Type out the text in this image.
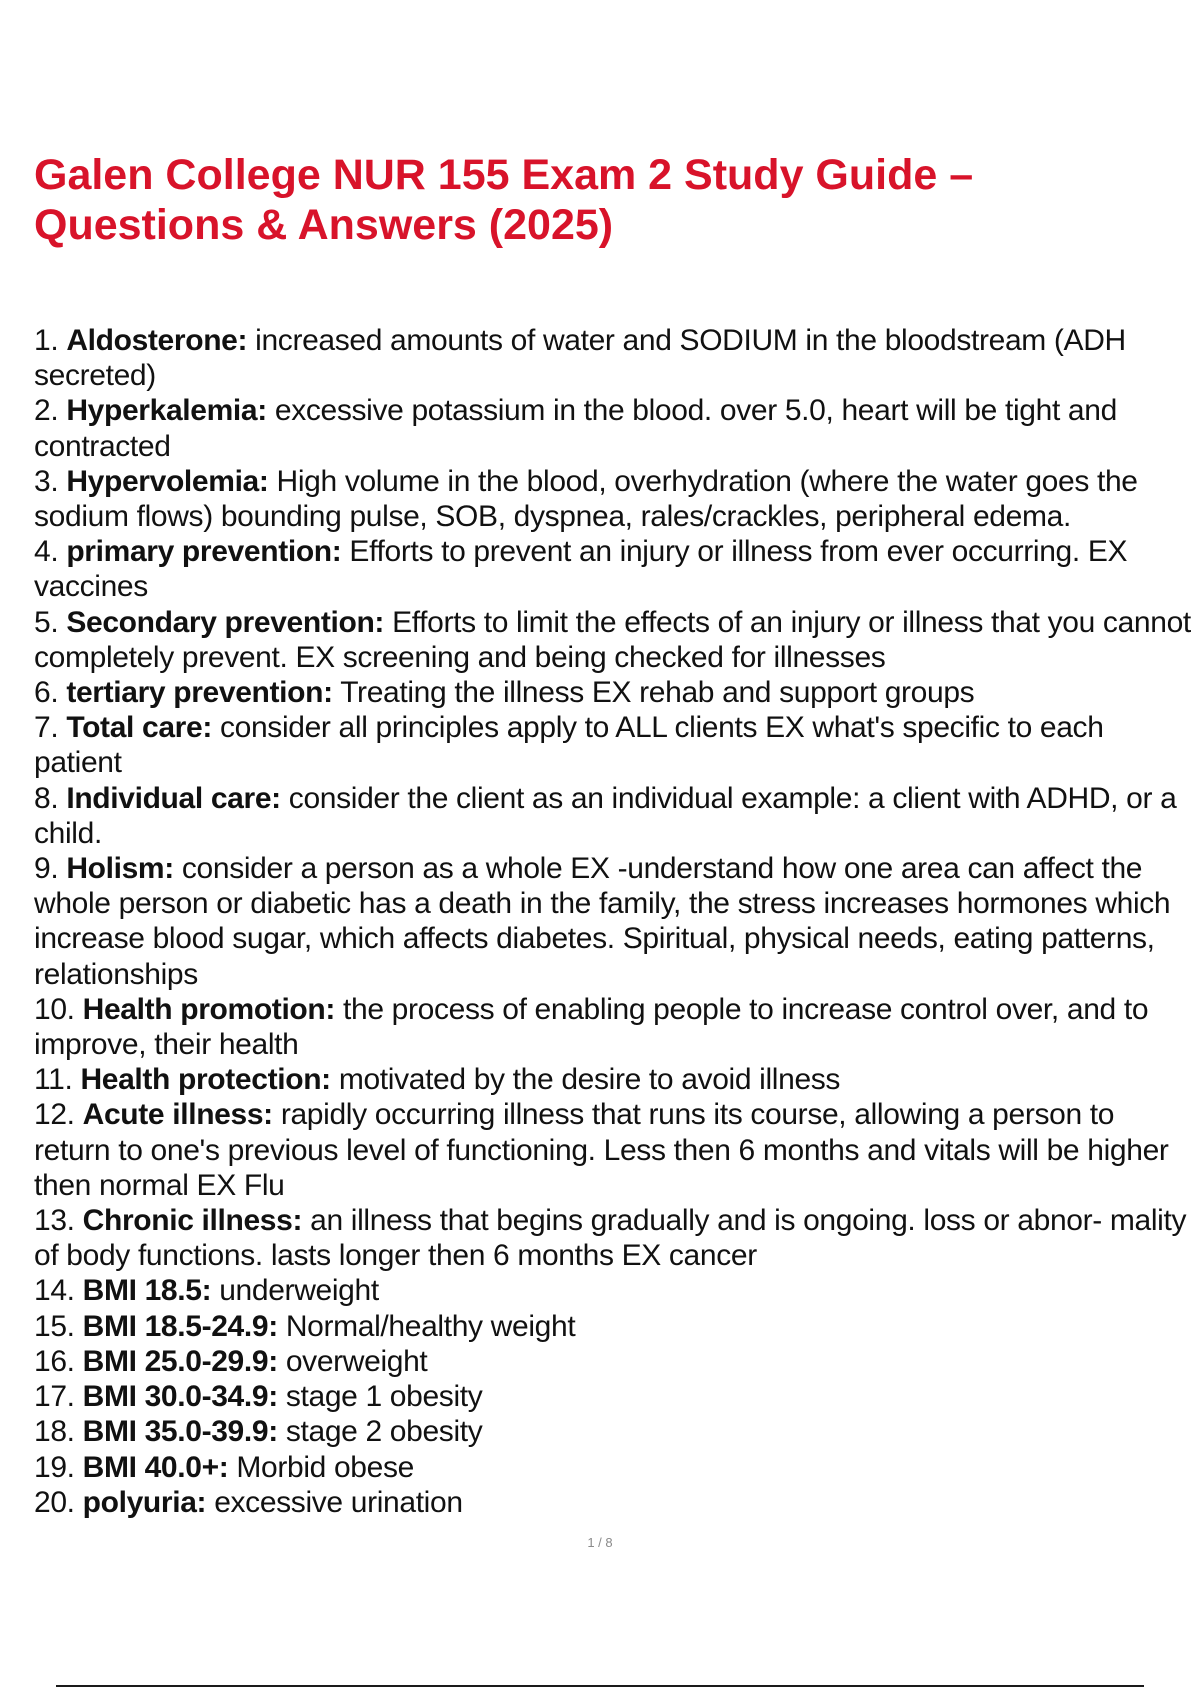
Galen College NUR 155 Exam 2 Study Guide –
Questions & Answers (2025)
1. Aldosterone: increased amounts of water and SODIUM in the bloodstream (ADH secreted)
2. Hyperkalemia: excessive potassium in the blood. over 5.0, heart will be tight and contracted
3. Hypervolemia: High volume in the blood, overhydration (where the water goes the sodium flows) bounding pulse, SOB, dyspnea, rales/crackles, peripheral edema.
4. primary prevention: Efforts to prevent an injury or illness from ever occurring. EX vaccines
5. Secondary prevention: Efforts to limit the effects of an injury or illness that you cannot completely prevent. EX screening and being checked for illnesses
6. tertiary prevention: Treating the illness EX rehab and support groups
7. Total care: consider all principles apply to ALL clients EX what's specific to each patient
8. Individual care: consider the client as an individual example: a client with ADHD, or a child.
9. Holism: consider a person as a whole EX -understand how one area can affect the whole person or diabetic has a death in the family, the stress increases hormones which increase blood sugar, which affects diabetes. Spiritual, physical needs, eating patterns, relationships
10. Health promotion: the process of enabling people to increase control over, and to improve, their health
11. Health protection: motivated by the desire to avoid illness
12. Acute illness: rapidly occurring illness that runs its course, allowing a person to return to one's previous level of functioning. Less then 6 months and vitals will be higher then normal EX Flu
13. Chronic illness: an illness that begins gradually and is ongoing. loss or abnor- mality of body functions. lasts longer then 6 months EX cancer
14. BMI 18.5: underweight
15. BMI 18.5-24.9: Normal/healthy weight
16. BMI 25.0-29.9: overweight
17. BMI 30.0-34.9: stage 1 obesity
18. BMI 35.0-39.9: stage 2 obesity
19. BMI 40.0+: Morbid obese
20. polyuria: excessive urination
1 / 8
